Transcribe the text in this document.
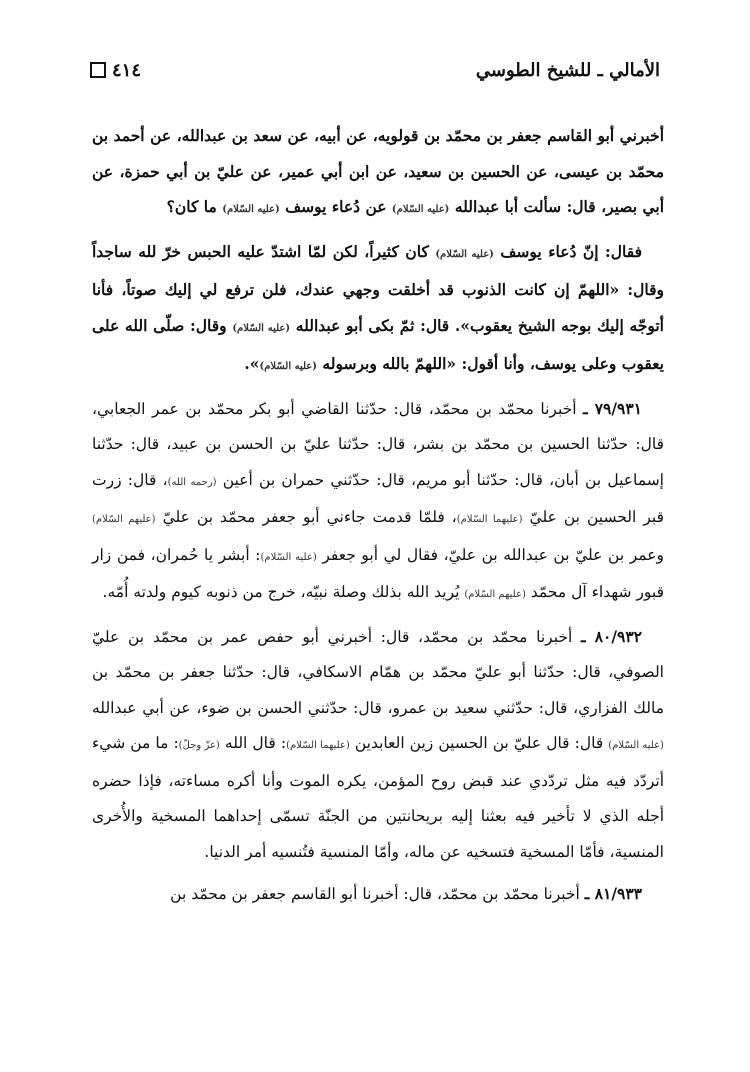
٤١٤	الأمالي ـ للشيخ الطوسي

أخبرني أبو القاسم جعفر بن محمّد بن قولويه، عن أبيه، عن سعد بن عبدالله، عن أحمد بن محمّد بن عيسى، عن الحسين بن سعيد، عن ابن أبي عمير، عن عليّ بن أبي حمزة، عن أبي بصير، قال: سألت أبا عبدالله (عليه السّلام) عن دُعاء يوسف (عليه السّلام) ما كان؟

فقال: إنّ دُعاء يوسف (عليه السّلام) كان كثيراً، لكن لمّا اشتدّ عليه الحبس خرّ لله ساجداً وقال: «اللهمّ إن كانت الذنوب قد أخلقت وجهي عندك، فلن ترفع لي إليك صوتاً، فأنا أتوجّه إليك بوجه الشيخ يعقوب». قال: ثمّ بكى أبو عبدالله (عليه السّلام) وقال: صلّى الله على يعقوب وعلى يوسف، وأنا أقول: «اللهمّ بالله وبرسوله (عليه السّلام)».

٧٩/٩٣١ ـ أخبرنا محمّد بن محمّد، قال: حدّثنا القاضي أبو بكر محمّد بن عمر الجعابي، قال: حدّثنا الحسين بن محمّد بن بشر، قال: حدّثنا عليّ بن الحسن بن عبيد، قال: حدّثنا إسماعيل بن أبان، قال: حدّثنا أبو مريم، قال: حدّثني حمران بن أعين (رحمه الله)، قال: زرت قبر الحسين بن عليّ (عليهما السّلام)، فلمّا قدمت جاءني أبو جعفر محمّد بن عليّ (عليهم السّلام) وعمر بن عليّ بن عبدالله بن عليّ، فقال لي أبو جعفر (عليه السّلام): أبشر يا حُمران، فمن زار قبور شهداء آل محمّد (عليهم السّلام) يُريد الله بذلك وصلة نبيّه، خرج من ذنوبه كيوم ولدته أُمّه.

٨٠/٩٣٢ ـ أخبرنا محمّد بن محمّد، قال: أخبرني أبو حفص عمر بن محمّد بن عليّ الصوفي، قال: حدّثنا أبو عليّ محمّد بن همّام الاسكافي، قال: حدّثنا جعفر بن محمّد بن مالك الفزاري، قال: حدّثني سعيد بن عمرو، قال: حدّثني الحسن بن ضوء، عن أبي عبدالله (عليه السّلام) قال: قال عليّ بن الحسين زين العابدين (عليهما السّلام): قال الله (عزّ وجلّ): ما من شيء أتردّد فيه مثل تردّدي عند قبض روح المؤمن، يكره الموت وأنا أكره مساءته، فإذا حضره أجله الذي لا تأخير فيه بعثنا إليه بريحانتين من الجنّة تسمّى إحداهما المسخية والأُخرى المنسية، فأمّا المسخية فتسخيه عن ماله، وأمّا المنسية فتُنسيه أمر الدنيا.

٨١/٩٣٣ ـ أخبرنا محمّد بن محمّد، قال: أخبرنا أبو القاسم جعفر بن محمّد بن
